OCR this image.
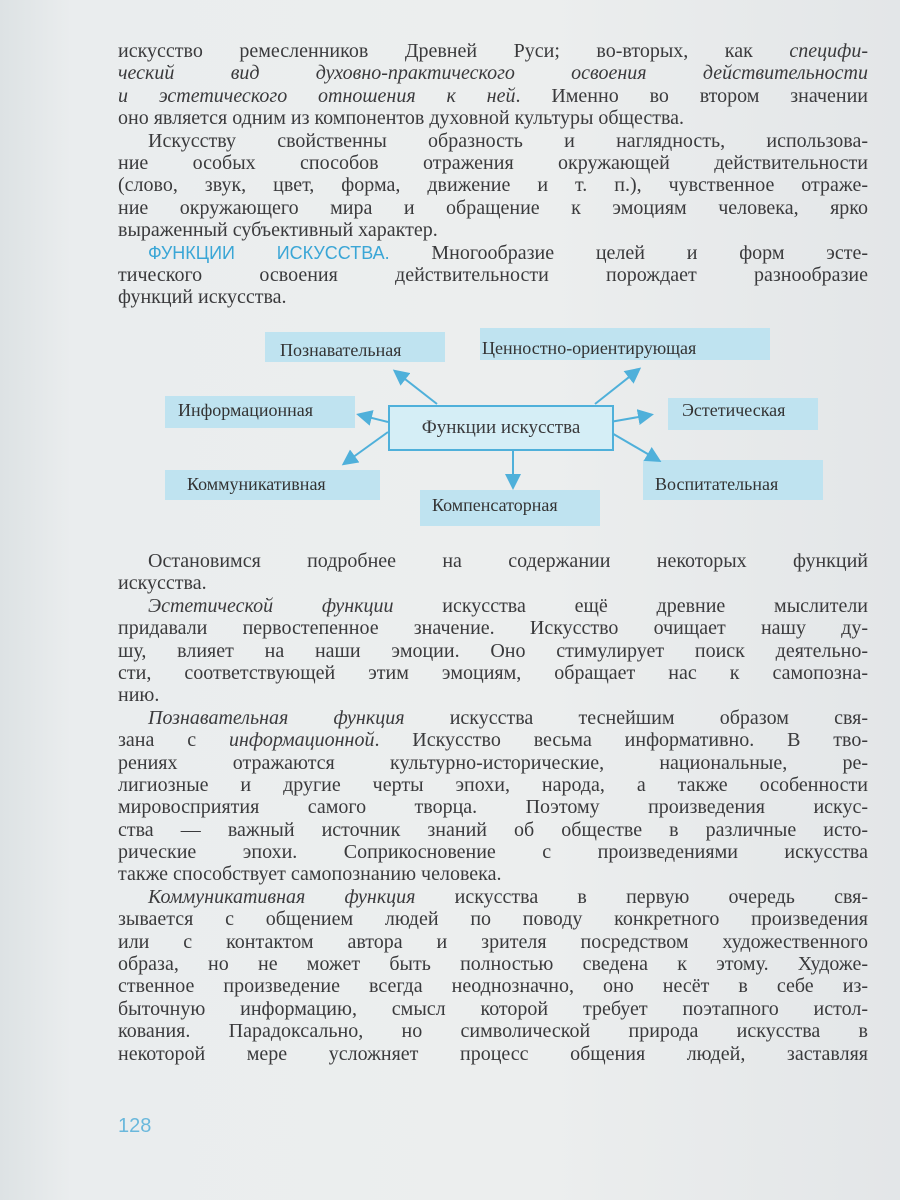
искусство ремесленников Древней Руси; во-вторых, как специфи-
ческий вид духовно-практического освоения действительности
и эстетического отношения к ней. Именно во втором значении
оно является одним из компонентов духовной культуры общества.
Искусству свойственны образность и наглядность, использова-
ние особых способов отражения окружающей действительности
(слово, звук, цвет, форма, движение и т. п.), чувственное отраже-
ние окружающего мира и обращение к эмоциям человека, ярко
выраженный субъективный характер.
ФУНКЦИИ ИСКУССТВА. Многообразие целей и форм эсте-
тического освоения действительности порождает разнообразие
функций искусства.
Функции искусства
Познавательная	Ценностно-ориентирующая
Информационная	Эстетическая
Коммуникативная	Воспитательная
Компенсаторная
Остановимся подробнее на содержании некоторых функций
искусства.
Эстетической функции искусства ещё древние мыслители
придавали первостепенное значение. Искусство очищает нашу ду-
шу, влияет на наши эмоции. Оно стимулирует поиск деятельно-
сти, соответствующей этим эмоциям, обращает нас к самопозна-
нию.
Познавательная функция искусства теснейшим образом свя-
зана с информационной. Искусство весьма информативно. В тво-
рениях отражаются культурно-исторические, национальные, ре-
лигиозные и другие черты эпохи, народа, а также особенности
мировосприятия самого творца. Поэтому произведения искус-
ства — важный источник знаний об обществе в различные исто-
рические эпохи. Соприкосновение с произведениями искусства
также способствует самопознанию человека.
Коммуникативная функция искусства в первую очередь свя-
зывается с общением людей по поводу конкретного произведения
или с контактом автора и зрителя посредством художественного
образа, но не может быть полностью сведена к этому. Художе-
ственное произведение всегда неоднозначно, оно несёт в себе из-
быточную информацию, смысл которой требует поэтапного истол-
кования. Парадоксально, но символической природа искусства в
некоторой мере усложняет процесс общения людей, заставляя
128
